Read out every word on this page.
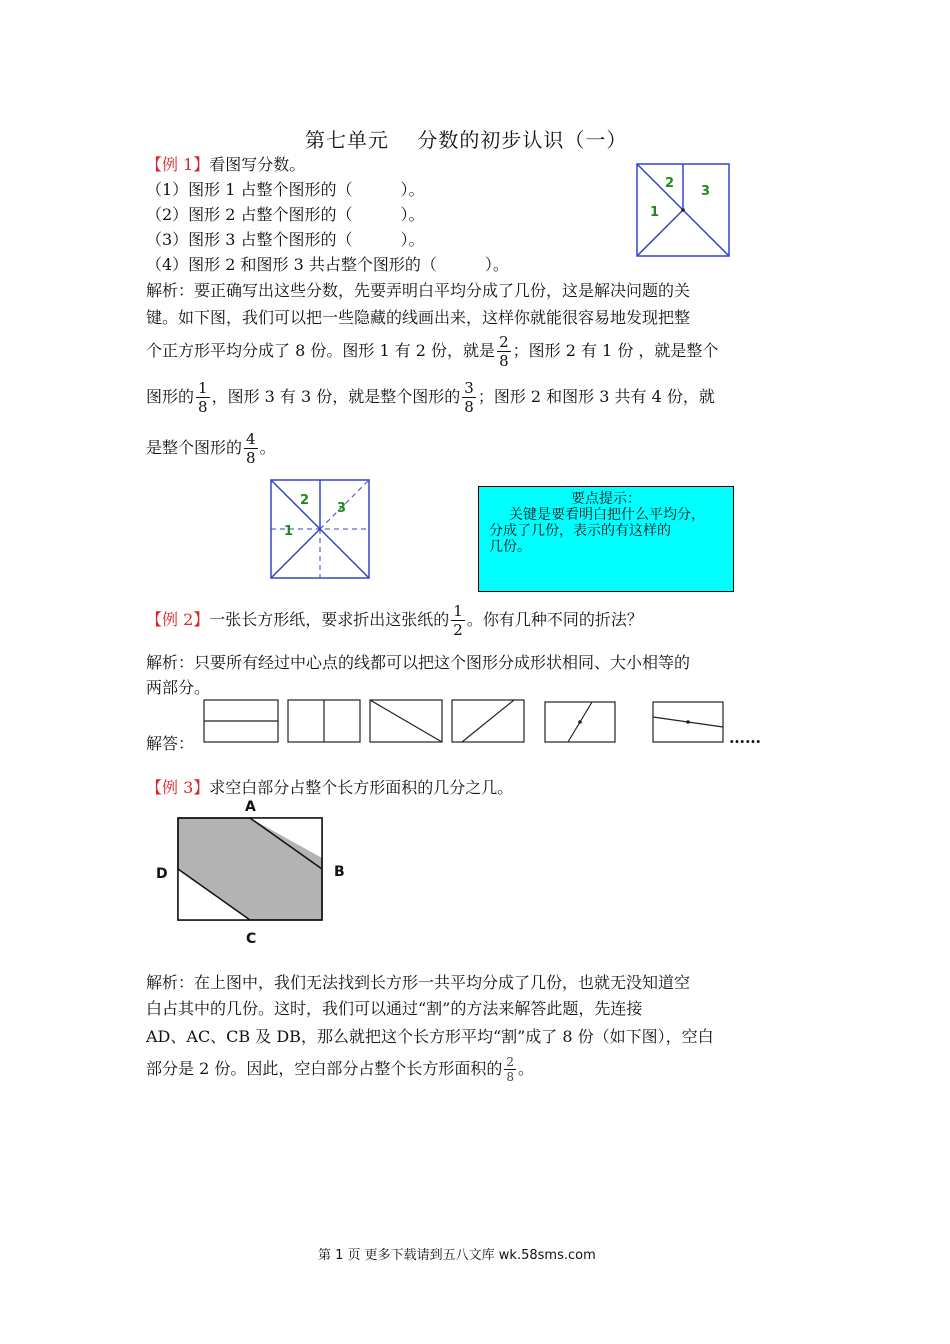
第七单元　 分数的初步认识（一）
【例 1】看图写分数。
（1）图形 1 占整个图形的（　　　）。
（2）图形 2 占整个图形的（　　　）。
（3）图形 3 占整个图形的（　　　）。
（4）图形 2 和图形 3 共占整个图形的（　　　）。
1
2
3
解析：要正确写出这些分数，先要弄明白平均分成了几份，这是解决问题的关
键。如下图，我们可以把一些隐藏的线画出来，这样你就能很容易地发现把整
个正方形平均分成了 8 份。图形 1 有 2 份，就是 $\frac{2}{8}$ ；图形 2 有 1 份 ，就是整个
图形的 $\frac{1}{8}$ ，图形 3 有 3 份，就是整个图形的 $\frac{3}{8}$ ；图形 2 和图形 3 共有 4 份，就
是整个图形的 $\frac{4}{8}$ 。
1
2
3
要点提示：
关键是要看明白把什么平均分，
分成了几份，表示的有这样的
几份。
【例 2】一张长方形纸，要求折出这张纸的 $\frac{1}{2}$ 。你有几种不同的折法？
解析：只要所有经过中心点的线都可以把这个图形分成形状相同、大小相等的
两部分。
解答：	……
【例 3】求空白部分占整个长方形面积的几分之几。
A
B
C
D
解析：在上图中，我们无法找到长方形一共平均分成了几份，也就无没知道空
白占其中的几份。这时，我们可以通过“割”的方法来解答此题，先连接
AD、AC、CB 及 DB，那么就把这个长方形平均“割”成了 8 份（如下图），空白
部分是 2 份。因此，空白部分占整个长方形面积的 $\frac{2}{8}$ 。
第 1 页 更多下载请到五八文库 wk.58sms.com
